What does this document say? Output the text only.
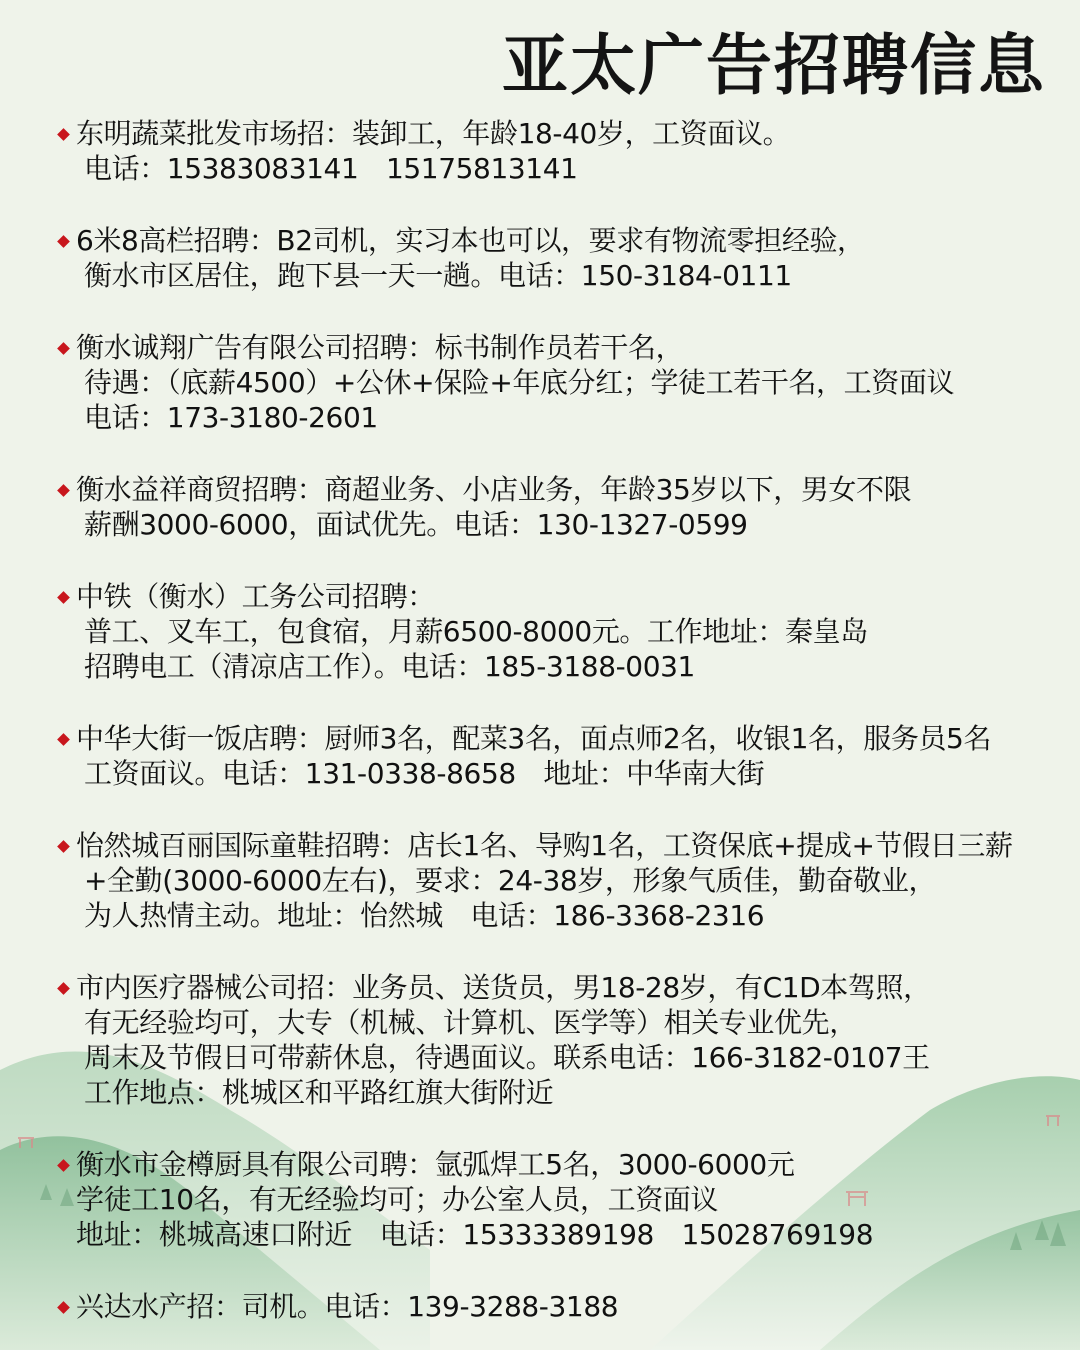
亚太广告招聘信息
东明蔬菜批发市场招：装卸工，年龄18-40岁，工资面议。
电话：15383083141　15175813141
6米8高栏招聘：B2司机，实习本也可以，要求有物流零担经验，
衡水市区居住，跑下县一天一趟。电话：150-3184-0111
衡水诚翔广告有限公司招聘：标书制作员若干名，
待遇：（底薪4500）+公休+保险+年底分红；学徒工若干名，工资面议
电话：173-3180-2601
衡水益祥商贸招聘：商超业务、小店业务，年龄35岁以下，男女不限
薪酬3000-6000，面试优先。电话：130-1327-0599
中铁（衡水）工务公司招聘：
普工、叉车工，包食宿，月薪6500-8000元。工作地址：秦皇岛
招聘电工（清凉店工作）。电话：185-3188-0031
中华大街一饭店聘：厨师3名，配菜3名，面点师2名，收银1名，服务员5名
工资面议。电话：131-0338-8658　地址：中华南大街
怡然城百丽国际童鞋招聘：店长1名、导购1名，工资保底+提成+节假日三薪
+全勤(3000-6000左右)，要求：24-38岁，形象气质佳，勤奋敬业，
为人热情主动。地址：怡然城　电话：186-3368-2316
市内医疗器械公司招：业务员、送货员，男18-28岁，有C1D本驾照，
有无经验均可，大专（机械、计算机、医学等）相关专业优先，
周末及节假日可带薪休息，待遇面议。联系电话：166-3182-0107王
工作地点：桃城区和平路红旗大街附近
衡水市金樽厨具有限公司聘：氩弧焊工5名，3000-6000元
学徒工10名，有无经验均可；办公室人员，工资面议
地址：桃城高速口附近　电话：15333389198　15028769198
兴达水产招：司机。电话：139-3288-3188
